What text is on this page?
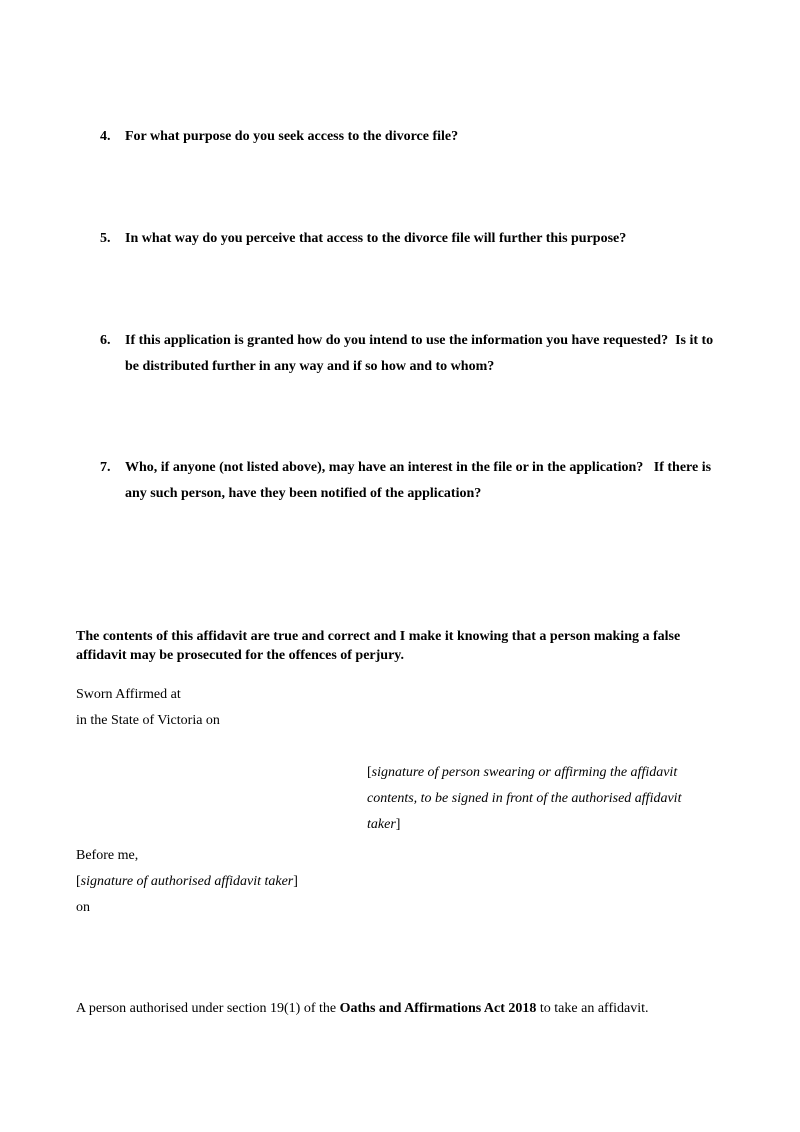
4.	For what purpose do you seek access to the divorce file?
5.	In what way do you perceive that access to the divorce file will further this purpose?
6.	If this application is granted how do you intend to use the information you have requested?  Is it to be distributed further in any way and if so how and to whom?
7.	Who, if anyone (not listed above), may have an interest in the file or in the application?   If there is any such person, have they been notified of the application?
The contents of this affidavit are true and correct and I make it knowing that a person making a false affidavit may be prosecuted for the offences of perjury.
Sworn Affirmed at
in the State of Victoria on
[signature of person swearing or affirming the affidavit contents, to be signed in front of the authorised affidavit taker]
Before me,
[signature of authorised affidavit taker]
on
A person authorised under section 19(1) of the Oaths and Affirmations Act 2018 to take an affidavit.
